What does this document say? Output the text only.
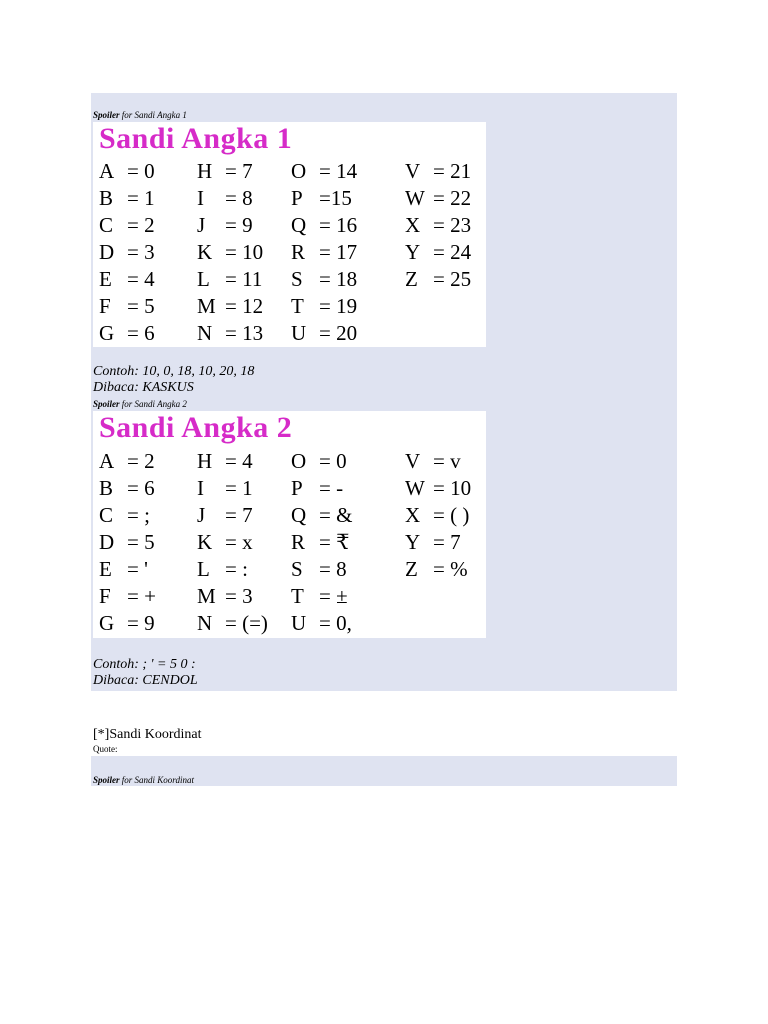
Spoiler for Sandi Angka 1
Sandi Angka 1
A = 0 H = 7 O = 14 V = 21
B = 1 I = 8 P =15	W = 22
C = 2 J = 9 Q = 16 X = 23
D = 3 K = 10 R = 17 Y = 24
E = 4 L = 11 S = 18 Z = 25
F = 5 M = 12 T = 19
G = 6 N = 13 U = 20
Contoh: 10, 0, 18, 10, 20, 18
Dibaca: KASKUS
Spoiler for Sandi Angka 2
Sandi Angka 2
A = 2 H = 4 O = 0	V = v
B = 6 I = 1 P = -	W = 10
C = ; J = 7 Q = &	X = ( )
D = 5 K = x R = ₹	Y = 7
E = ' L = : S = 8	Z = %
F = + M = 3 T = ±
G = 9 N = (=) U = 0,
Contoh: ; ' = 5 0 :
Dibaca: CENDOL
[*]Sandi Koordinat
Quote:
Spoiler for Sandi Koordinat
